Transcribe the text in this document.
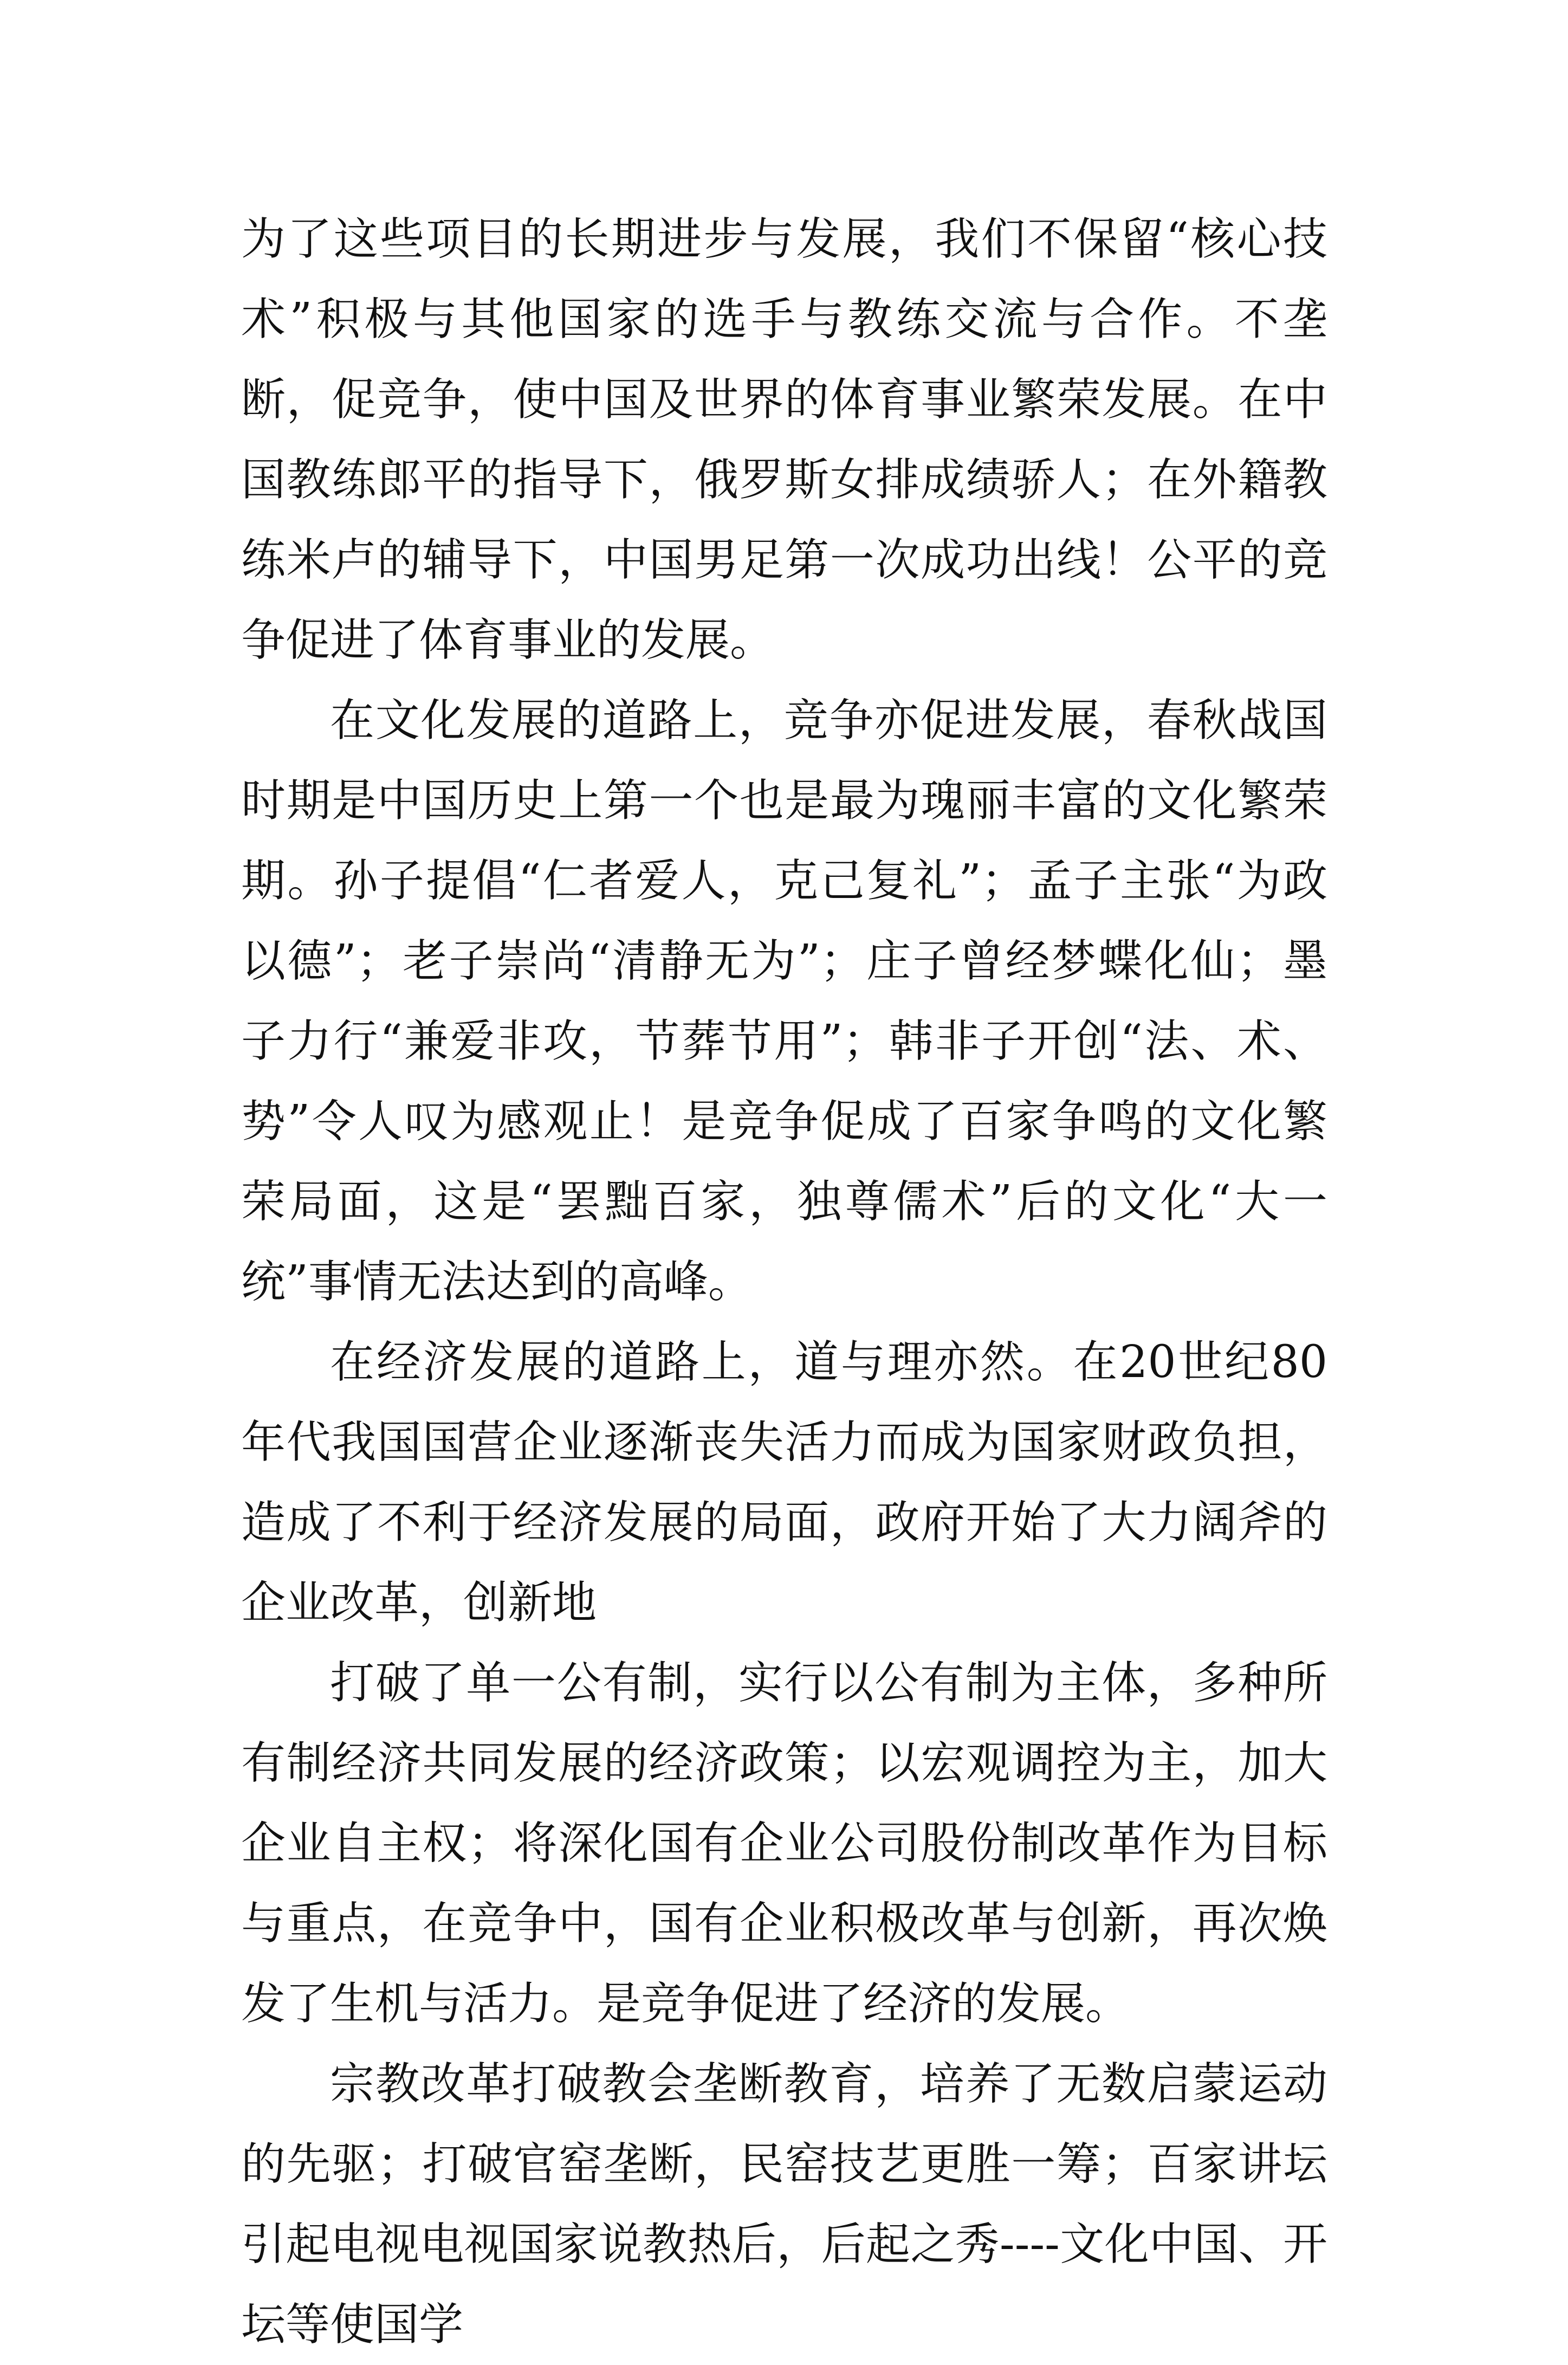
为了这些项目的长期进步与发展，我们不保留“核心技术”积极与其他国家的选手与教练交流与合作。不垄断，促竞争，使中国及世界的体育事业繁荣发展。在中国教练郎平的指导下，俄罗斯女排成绩骄人；在外籍教练米卢的辅导下，中国男足第一次成功出线！公平的竞争促进了体育事业的发展。

在文化发展的道路上，竞争亦促进发展，春秋战国时期是中国历史上第一个也是最为瑰丽丰富的文化繁荣期。孙子提倡“仁者爱人，克己复礼”；孟子主张“为政以德”；老子崇尚“清静无为”；庄子曾经梦蝶化仙；墨子力行“兼爱非攻，节葬节用”；韩非子开创“法、术、势”令人叹为感观止！是竞争促成了百家争鸣的文化繁荣局面，这是“罢黜百家，独尊儒术”后的文化“大一统”事情无法达到的高峰。

在经济发展的道路上，道与理亦然。在20世纪80年代我国国营企业逐渐丧失活力而成为国家财政负担，造成了不利于经济发展的局面，政府开始了大力阔斧的企业改革，创新地

打破了单一公有制，实行以公有制为主体，多种所有制经济共同发展的经济政策；以宏观调控为主，加大企业自主权；将深化国有企业公司股份制改革作为目标与重点，在竞争中，国有企业积极改革与创新，再次焕发了生机与活力。是竞争促进了经济的发展。

宗教改革打破教会垄断教育，培养了无数启蒙运动的先驱；打破官窑垄断，民窑技艺更胜一筹；百家讲坛引起电视电视国家说教热后，后起之秀----文化中国、开坛等使国学
